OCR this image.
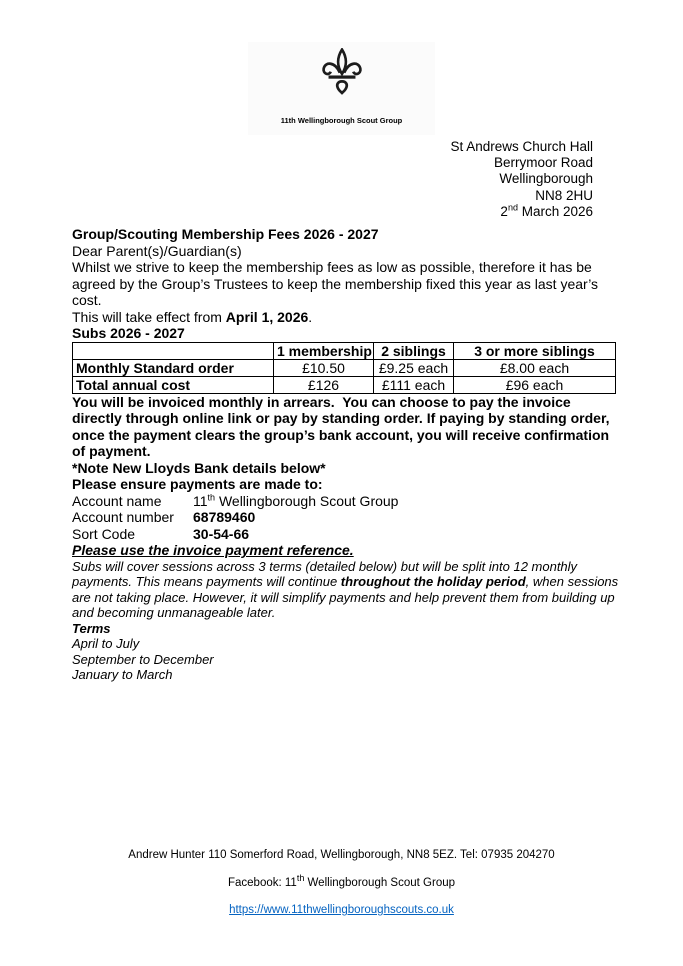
11th Wellingborough Scout Group
St Andrews Church Hall
Berrymoor Road
Wellingborough
NN8 2HU
2nd March 2026

Group/Scouting Membership Fees 2026 - 2027

Dear Parent(s)/Guardian(s)

Whilst we strive to keep the membership fees as low as possible, therefore it has be agreed by the Group’s Trustees to keep the membership fixed this year as last year’s cost.

This will take effect from April 1, 2026.

Subs 2026 - 2027

	1 membership	2 siblings	3 or more siblings
Monthly Standard order	£10.50	£9.25 each	£8.00 each
Total annual cost	£126	£111 each	£96 each

You will be invoiced monthly in arrears.  You can choose to pay the invoice directly through online link or pay by standing order. If paying by standing order, once the payment clears the group’s bank account, you will receive confirmation of payment.

*Note New Lloyds Bank details below*

Please ensure payments are made to:

Account name	11th Wellingborough Scout Group
Account number	68789460
Sort Code	30-54-66

Please use the invoice payment reference.

Subs will cover sessions across 3 terms (detailed below) but will be split into 12 monthly payments. This means payments will continue throughout the holiday period, when sessions are not taking place. However, it will simplify payments and help prevent them from building up and becoming unmanageable later.

Terms

April to July
September to December
January to March
Andrew Hunter 110 Somerford Road, Wellingborough, NN8 5EZ. Tel: 07935 204270
Facebook: 11th Wellingborough Scout Group
https://www.11thwellingboroughscouts.co.uk
